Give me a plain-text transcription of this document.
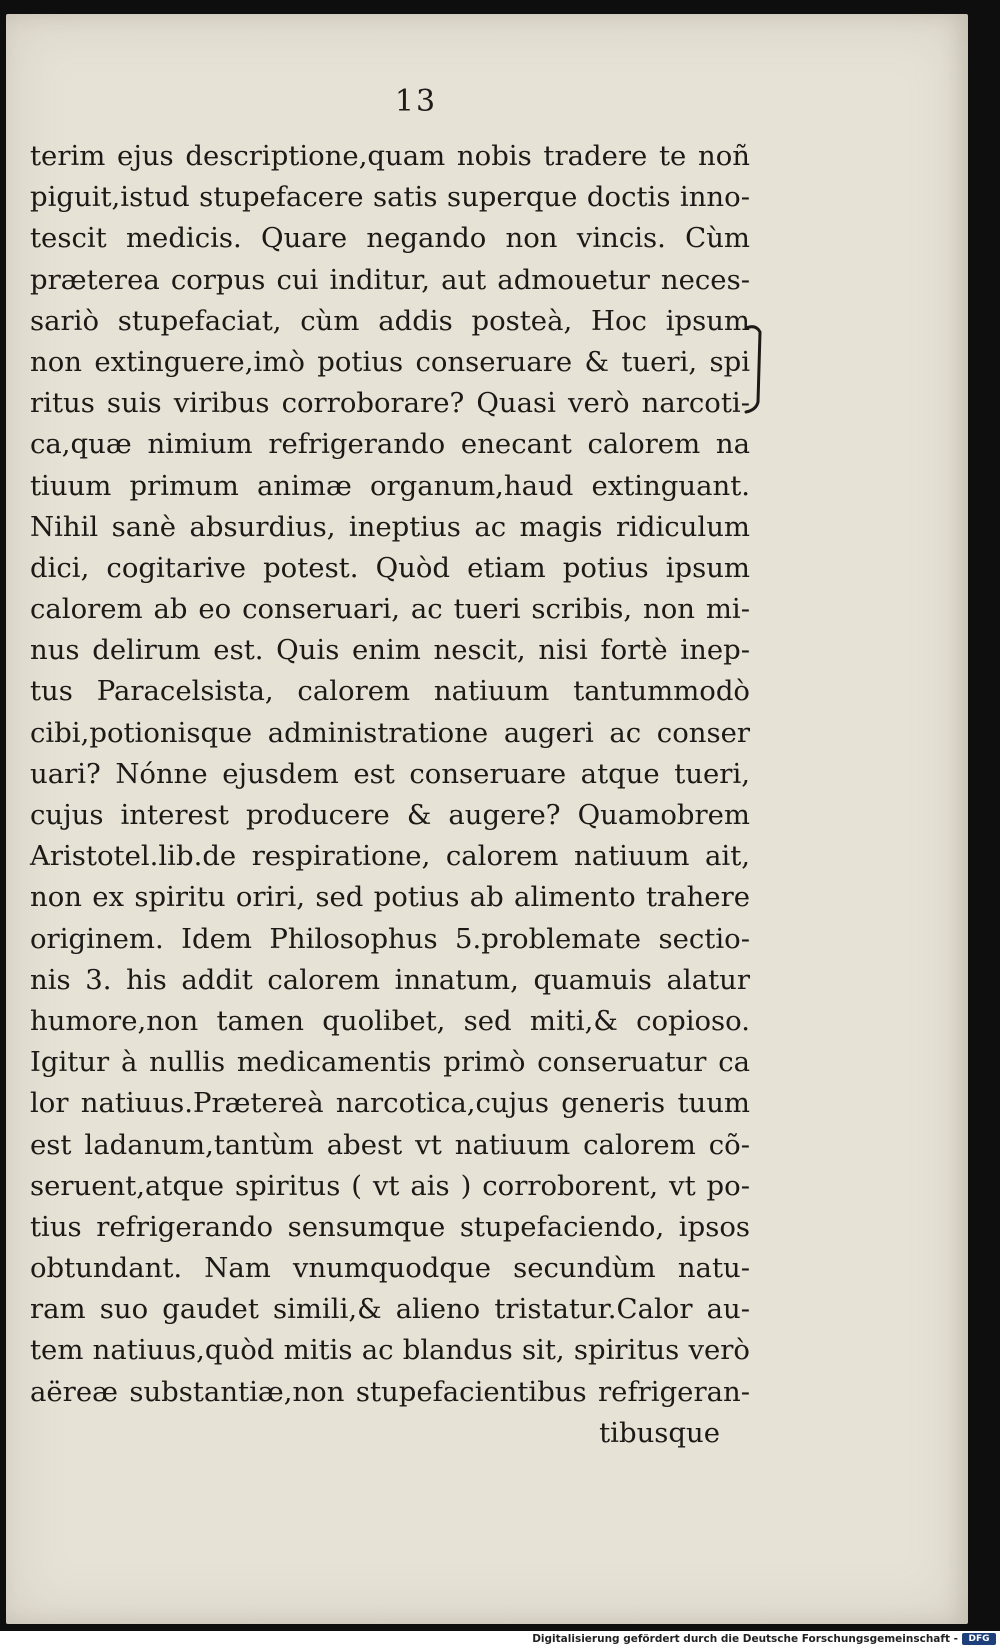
13
terim ejus descriptione,quam nobis tradere te noñ
piguit,istud stupefacere satis superque doctis inno-
tescit medicis. Quare negando non vincis. Cùm
præterea corpus cui inditur, aut admouetur neces-
sariò stupefaciat, cùm addis posteà, Hoc ipsum
non extinguere,imò potius conseruare & tueri, spi
ritus suis viribus corroborare? Quasi verò narcoti-
ca,quæ nimium refrigerando enecant calorem na
tiuum primum animæ organum,haud extinguant.
Nihil sanè absurdius, ineptius ac magis ridiculum
dici, cogitarive potest. Quòd etiam potius ipsum
calorem ab eo conseruari, ac tueri scribis, non mi-
nus delirum est. Quis enim nescit, nisi fortè inep-
tus Paracelsista, calorem natiuum tantummodò
cibi,potionisque administratione augeri ac conser
uari? Nónne ejusdem est conseruare atque tueri,
cujus interest producere & augere? Quamobrem
Aristotel.lib.de respiratione, calorem natiuum ait,
non ex spiritu oriri, sed potius ab alimento trahere
originem. Idem Philosophus 5.problemate sectio-
nis 3. his addit calorem innatum, quamuis alatur
humore,non tamen quolibet, sed miti,& copioso.
Igitur à nullis medicamentis primò conseruatur ca
lor natiuus.Prætereà narcotica,cujus generis tuum
est ladanum,tantùm abest vt natiuum calorem cõ-
seruent,atque spiritus ( vt ais ) corroborent, vt po-
tius refrigerando sensumque stupefaciendo, ipsos
obtundant. Nam vnumquodque secundùm natu-
ram suo gaudet simili,& alieno tristatur.Calor au-
tem natiuus,quòd mitis ac blandus sit, spiritus verò
aëreæ substantiæ,non stupefacientibus refrigeran-
tibusque
Digitalisierung gefördert durch die Deutsche Forschungsgemeinschaft -	DFG
